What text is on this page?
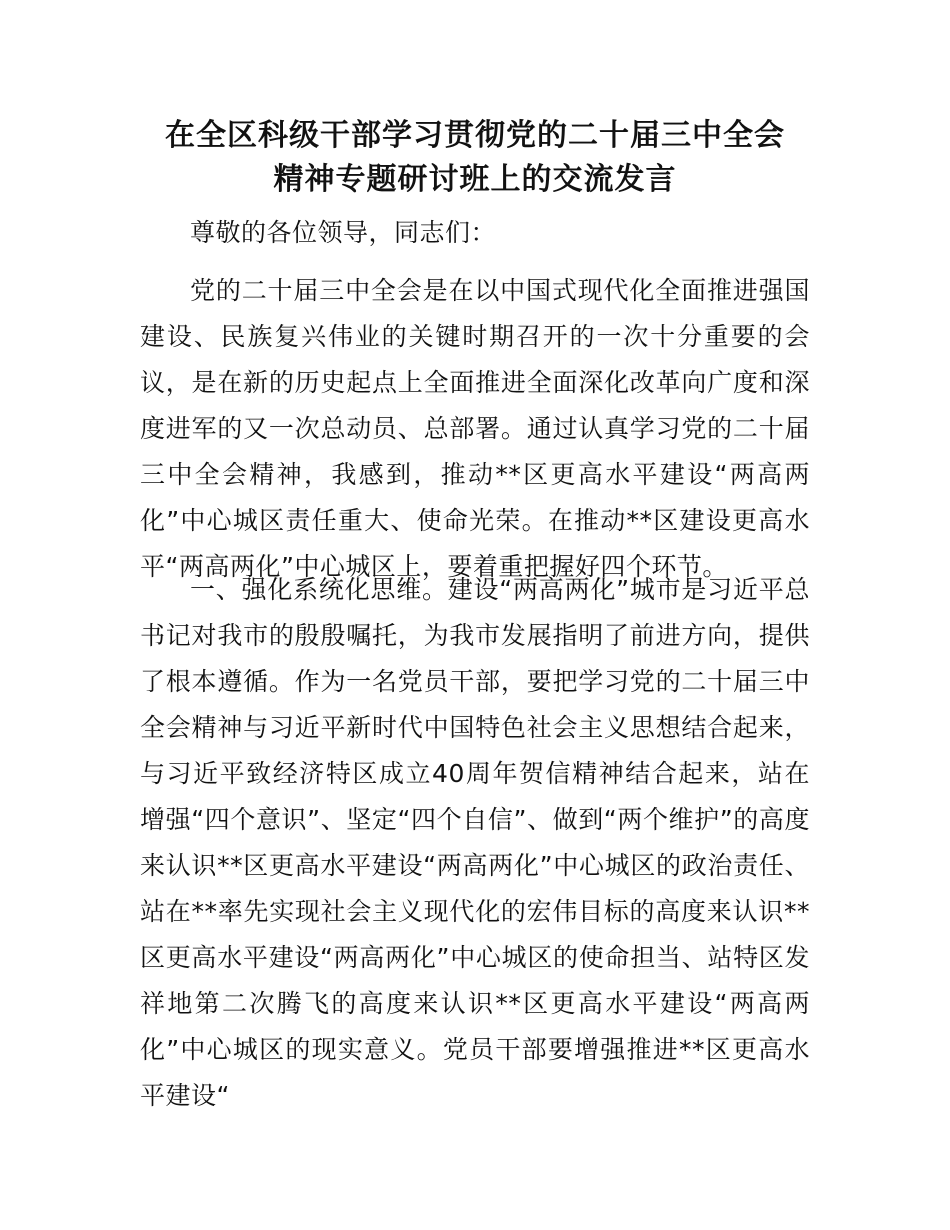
在全区科级干部学习贯彻党的二十届三中全会
精神专题研讨班上的交流发言

尊敬的各位领导，同志们：

党的二十届三中全会是在以中国式现代化全面推进强国建设、民族复兴伟业的关键时期召开的一次十分重要的会议，是在新的历史起点上全面推进全面深化改革向广度和深度进军的又一次总动员、总部署。通过认真学习党的二十届三中全会精神，我感到，推动**区更高水平建设“两高两化”中心城区责任重大、使命光荣。在推动**区建设更高水平“两高两化”中心城区上，要着重把握好四个环节。

一、强化系统化思维。建设“两高两化”城市是习近平总书记对我市的殷殷嘱托，为我市发展指明了前进方向，提供了根本遵循。作为一名党员干部，要把学习党的二十届三中全会精神与习近平新时代中国特色社会主义思想结合起来，与习近平致经济特区成立40周年贺信精神结合起来，站在增强“四个意识”、坚定“四个自信”、做到“两个维护”的高度来认识**区更高水平建设“两高两化”中心城区的政治责任、站在**率先实现社会主义现代化的宏伟目标的高度来认识**区更高水平建设“两高两化”中心城区的使命担当、站特区发祥地第二次腾飞的高度来认识**区更高水平建设“两高两化”中心城区的现实意义。党员干部要增强推进**区更高水平建设“
